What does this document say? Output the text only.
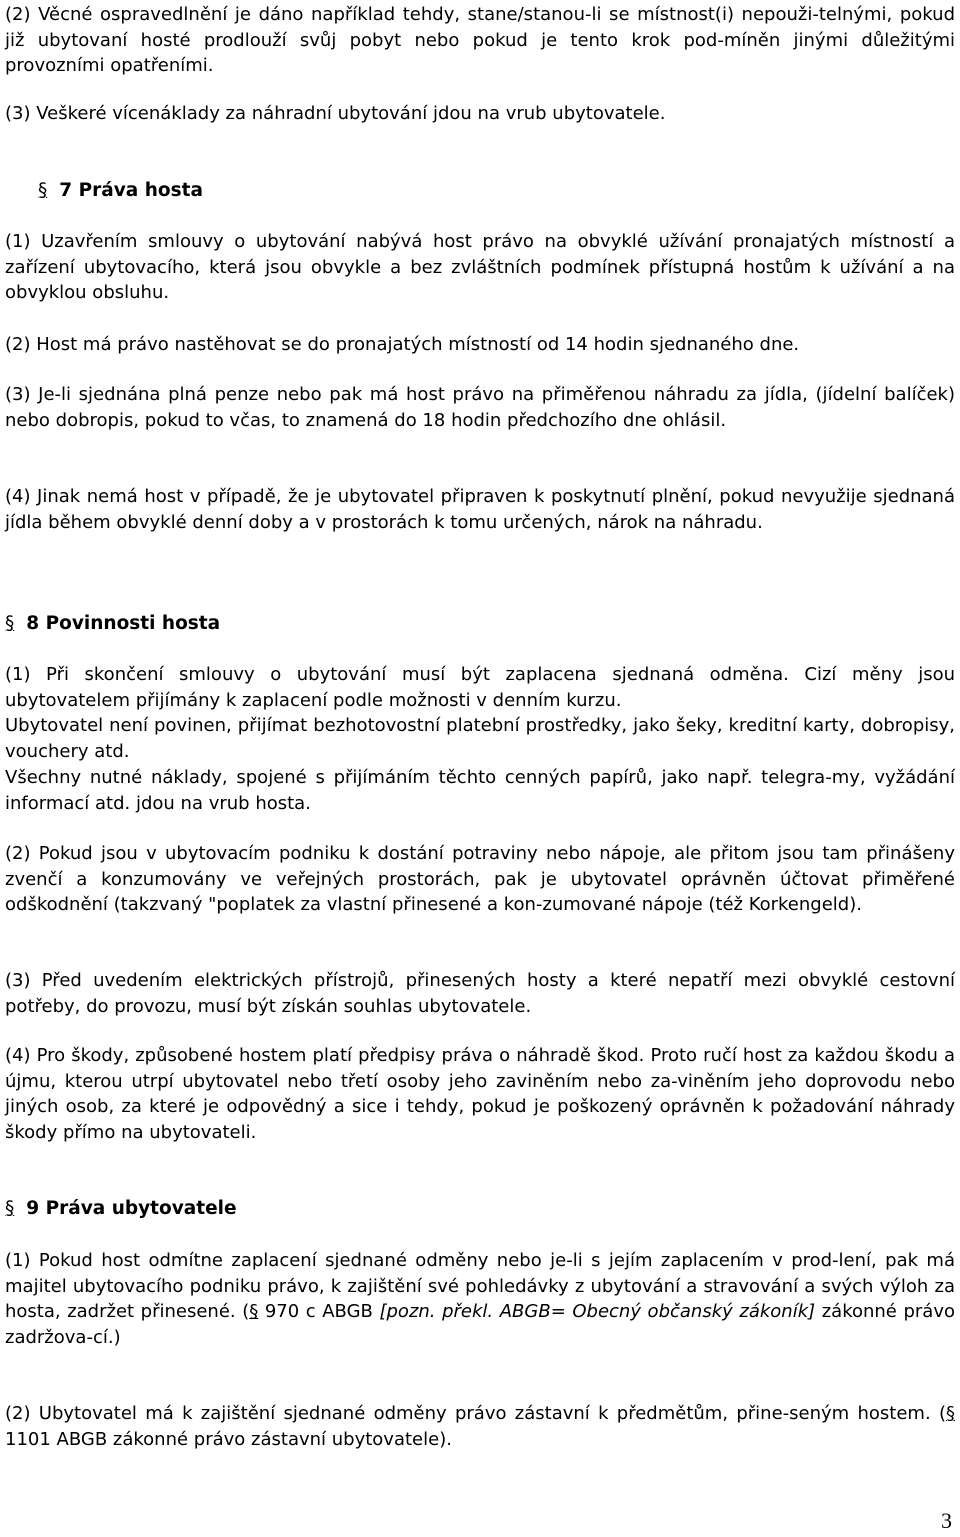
(2) Věcné ospravedlnění je dáno například tehdy, stane/stanou-li se místnost(i) nepouži-telnými, pokud již ubytovaní hosté prodlouží svůj pobyt nebo pokud je tento krok pod-míněn jinými důležitými provozními opatřeními.

(3) Veškeré vícenáklady za náhradní ubytování jdou na vrub ubytovatele.

§ 7 Práva hosta

(1) Uzavřením smlouvy o ubytování nabývá host právo na obvyklé užívání pronajatých místností a zařízení ubytovacího, která jsou obvykle a bez zvláštních podmínek přístupná hostům k užívání a na obvyklou obsluhu.

(2) Host má právo nastěhovat se do pronajatých místností od 14 hodin sjednaného dne.

(3) Je-li sjednána plná penze nebo pak má host právo na přiměřenou náhradu za jídla, (jídelní balíček) nebo dobropis, pokud to včas, to znamená do 18 hodin předchozího dne ohlásil.

(4) Jinak nemá host v případě, že je ubytovatel připraven k poskytnutí plnění, pokud nevyužije sjednaná jídla během obvyklé denní doby a v prostorách k tomu určených, nárok na náhradu.

§ 8 Povinnosti hosta

(1) Při skončení smlouvy o ubytování musí být zaplacena sjednaná odměna. Cizí měny jsou ubytovatelem přijímány k zaplacení podle možnosti v denním kurzu.

Ubytovatel není povinen, přijímat bezhotovostní platební prostředky, jako šeky, kreditní karty, dobropisy, vouchery atd.

Všechny nutné náklady, spojené s přijímáním těchto cenných papírů, jako např. telegra-my, vyžádání informací atd. jdou na vrub hosta.

(2) Pokud jsou v ubytovacím podniku k dostání potraviny nebo nápoje, ale přitom jsou tam přinášeny zvenčí a konzumovány ve veřejných prostorách, pak je ubytovatel oprávněn účtovat přiměřené odškodnění (takzvaný "poplatek za vlastní přinesené a kon-zumované nápoje (též Korkengeld).

(3) Před uvedením elektrických přístrojů, přinesených hosty a které nepatří mezi obvyklé cestovní potřeby, do provozu, musí být získán souhlas ubytovatele.

(4) Pro škody, způsobené hostem platí předpisy práva o náhradě škod. Proto ručí host za každou škodu a újmu, kterou utrpí ubytovatel nebo třetí osoby jeho zaviněním nebo za-viněním jeho doprovodu nebo jiných osob, za které je odpovědný a sice i tehdy, pokud je poškozený oprávněn k požadování náhrady škody přímo na ubytovateli.

§ 9 Práva ubytovatele

(1) Pokud host odmítne zaplacení sjednané odměny nebo je-li s jejím zaplacením v prod-lení, pak má majitel ubytovacího podniku právo, k zajištění své pohledávky z ubytování a stravování a svých výloh za hosta, zadržet přinesené. (§ 970 c ABGB [pozn. překl. ABGB= Obecný občanský zákoník] zákonné právo zadržova-cí.)

(2) Ubytovatel má k zajištění sjednané odměny právo zástavní k předmětům, přine-seným hostem. (§ 1101 ABGB zákonné právo zástavní ubytovatele).

3
